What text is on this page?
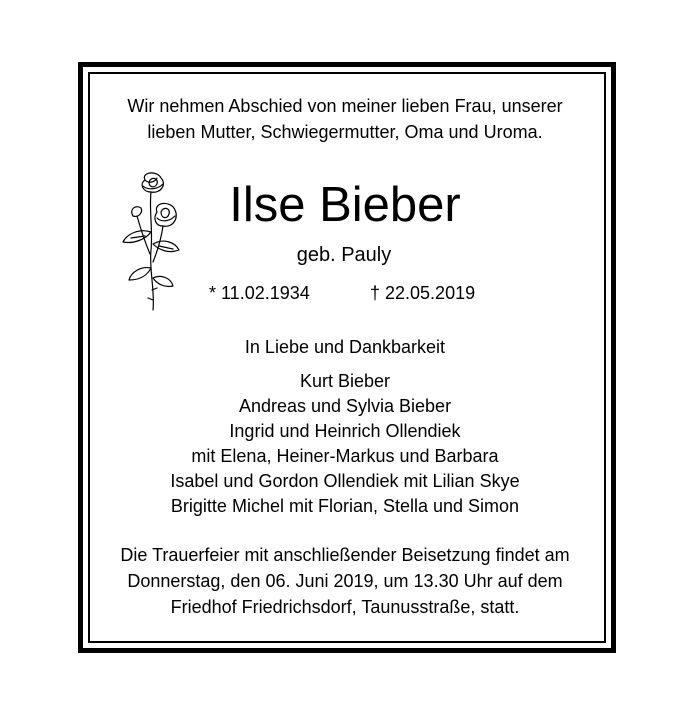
Wir nehmen Abschied von meiner lieben Frau, unserer
lieben Mutter, Schwiegermutter, Oma und Uroma.
Ilse Bieber
geb. Pauly
* 11.02.1934	† 22.05.2019
In Liebe und Dankbarkeit
Kurt Bieber
Andreas und Sylvia Bieber
Ingrid und Heinrich Ollendiek
mit Elena, Heiner-Markus und Barbara
Isabel und Gordon Ollendiek mit Lilian Skye
Brigitte Michel mit Florian, Stella und Simon
Die Trauerfeier mit anschließender Beisetzung findet am
Donnerstag, den 06. Juni 2019, um 13.30 Uhr auf dem
Friedhof Friedrichsdorf, Taunusstraße, statt.
